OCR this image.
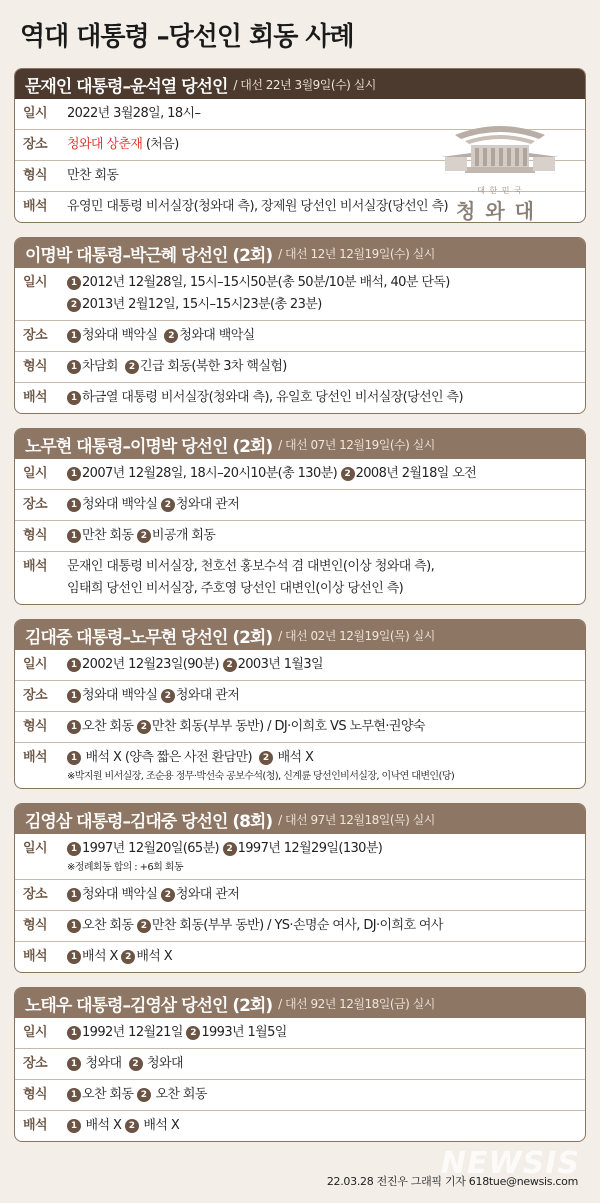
역대 대통령 –당선인 회동 사례
문재인 대통령–윤석열 당선인 / 대선 22년 3월9일(수) 실시
일시	2022년 3월28일, 18시–
장소	청와대 상춘재 (처음)
형식	만찬 회동
배석	유영민 대통령 비서실장(청와대 측), 장제원 당선인 비서실장(당선인 측)
대 한 민 국
청와대
이명박 대통령–박근혜 당선인 (2회) / 대선 12년 12월19일(수) 실시
일시	1 2012년 12월28일, 15시–15시50분(총 50분/10분 배석, 40분 단독)
2 2013년 2월12일, 15시–15시23분(총 23분)
장소	1 청와대 백악실 2 청와대 백악실
형식	1 차담회 2 긴급 회동(북한 3차 핵실험)
배석	1 하금열 대통령 비서실장(청와대 측), 유일호 당선인 비서실장(당선인 측)
노무현 대통령–이명박 당선인 (2회) / 대선 07년 12월19일(수) 실시
일시	1 2007년 12월28일, 18시–20시10분(총 130분) 2 2008년 2월18일 오전
장소	1 청와대 백악실 2 청와대 관저
형식	1 만찬 회동 2 비공개 회동
배석	문재인 대통령 비서실장, 천호선 홍보수석 겸 대변인(이상 청와대 측),
임태희 당선인 비서실장, 주호영 당선인 대변인(이상 당선인 측)
김대중 대통령–노무현 당선인 (2회) / 대선 02년 12월19일(목) 실시
일시	1 2002년 12월23일(90분) 2 2003년 1월3일
장소	1 청와대 백악실 2 청와대 관저
형식	1 오찬 회동 2 만찬 회동(부부 동반) / DJ·이희호 VS 노무현·권양숙
배석	1 배석 X (양측 짧은 사전 환담만) 2 배석 X
※박지원 비서실장, 조순용 정무·박선숙 공보수석(청), 신계륜 당선인비서실장, 이낙연 대변인(당)
김영삼 대통령–김대중 당선인 (8회) / 대선 97년 12월18일(목) 실시
일시	1 1997년 12월20일(65분) 2 1997년 12월29일(130분)
※정례회동 합의 : +6회 회동
장소	1 청와대 백악실 2 청와대 관저
형식	1 오찬 회동 2 만찬 회동(부부 동반) / YS·손명순 여사, DJ·이희호 여사
배석	1 배석 X 2 배석 X
노태우 대통령–김영삼 당선인 (2회) / 대선 92년 12월18일(금) 실시
일시	1 1992년 12월21일 2 1993년 1월5일
장소	1 청와대 2 청와대
형식	1 오찬 회동 2 오찬 회동
배석	1 배석 X 2 배석 X
NEWSIS
22.03.28 전진우 그래픽 기자 618tue@newsis.com
